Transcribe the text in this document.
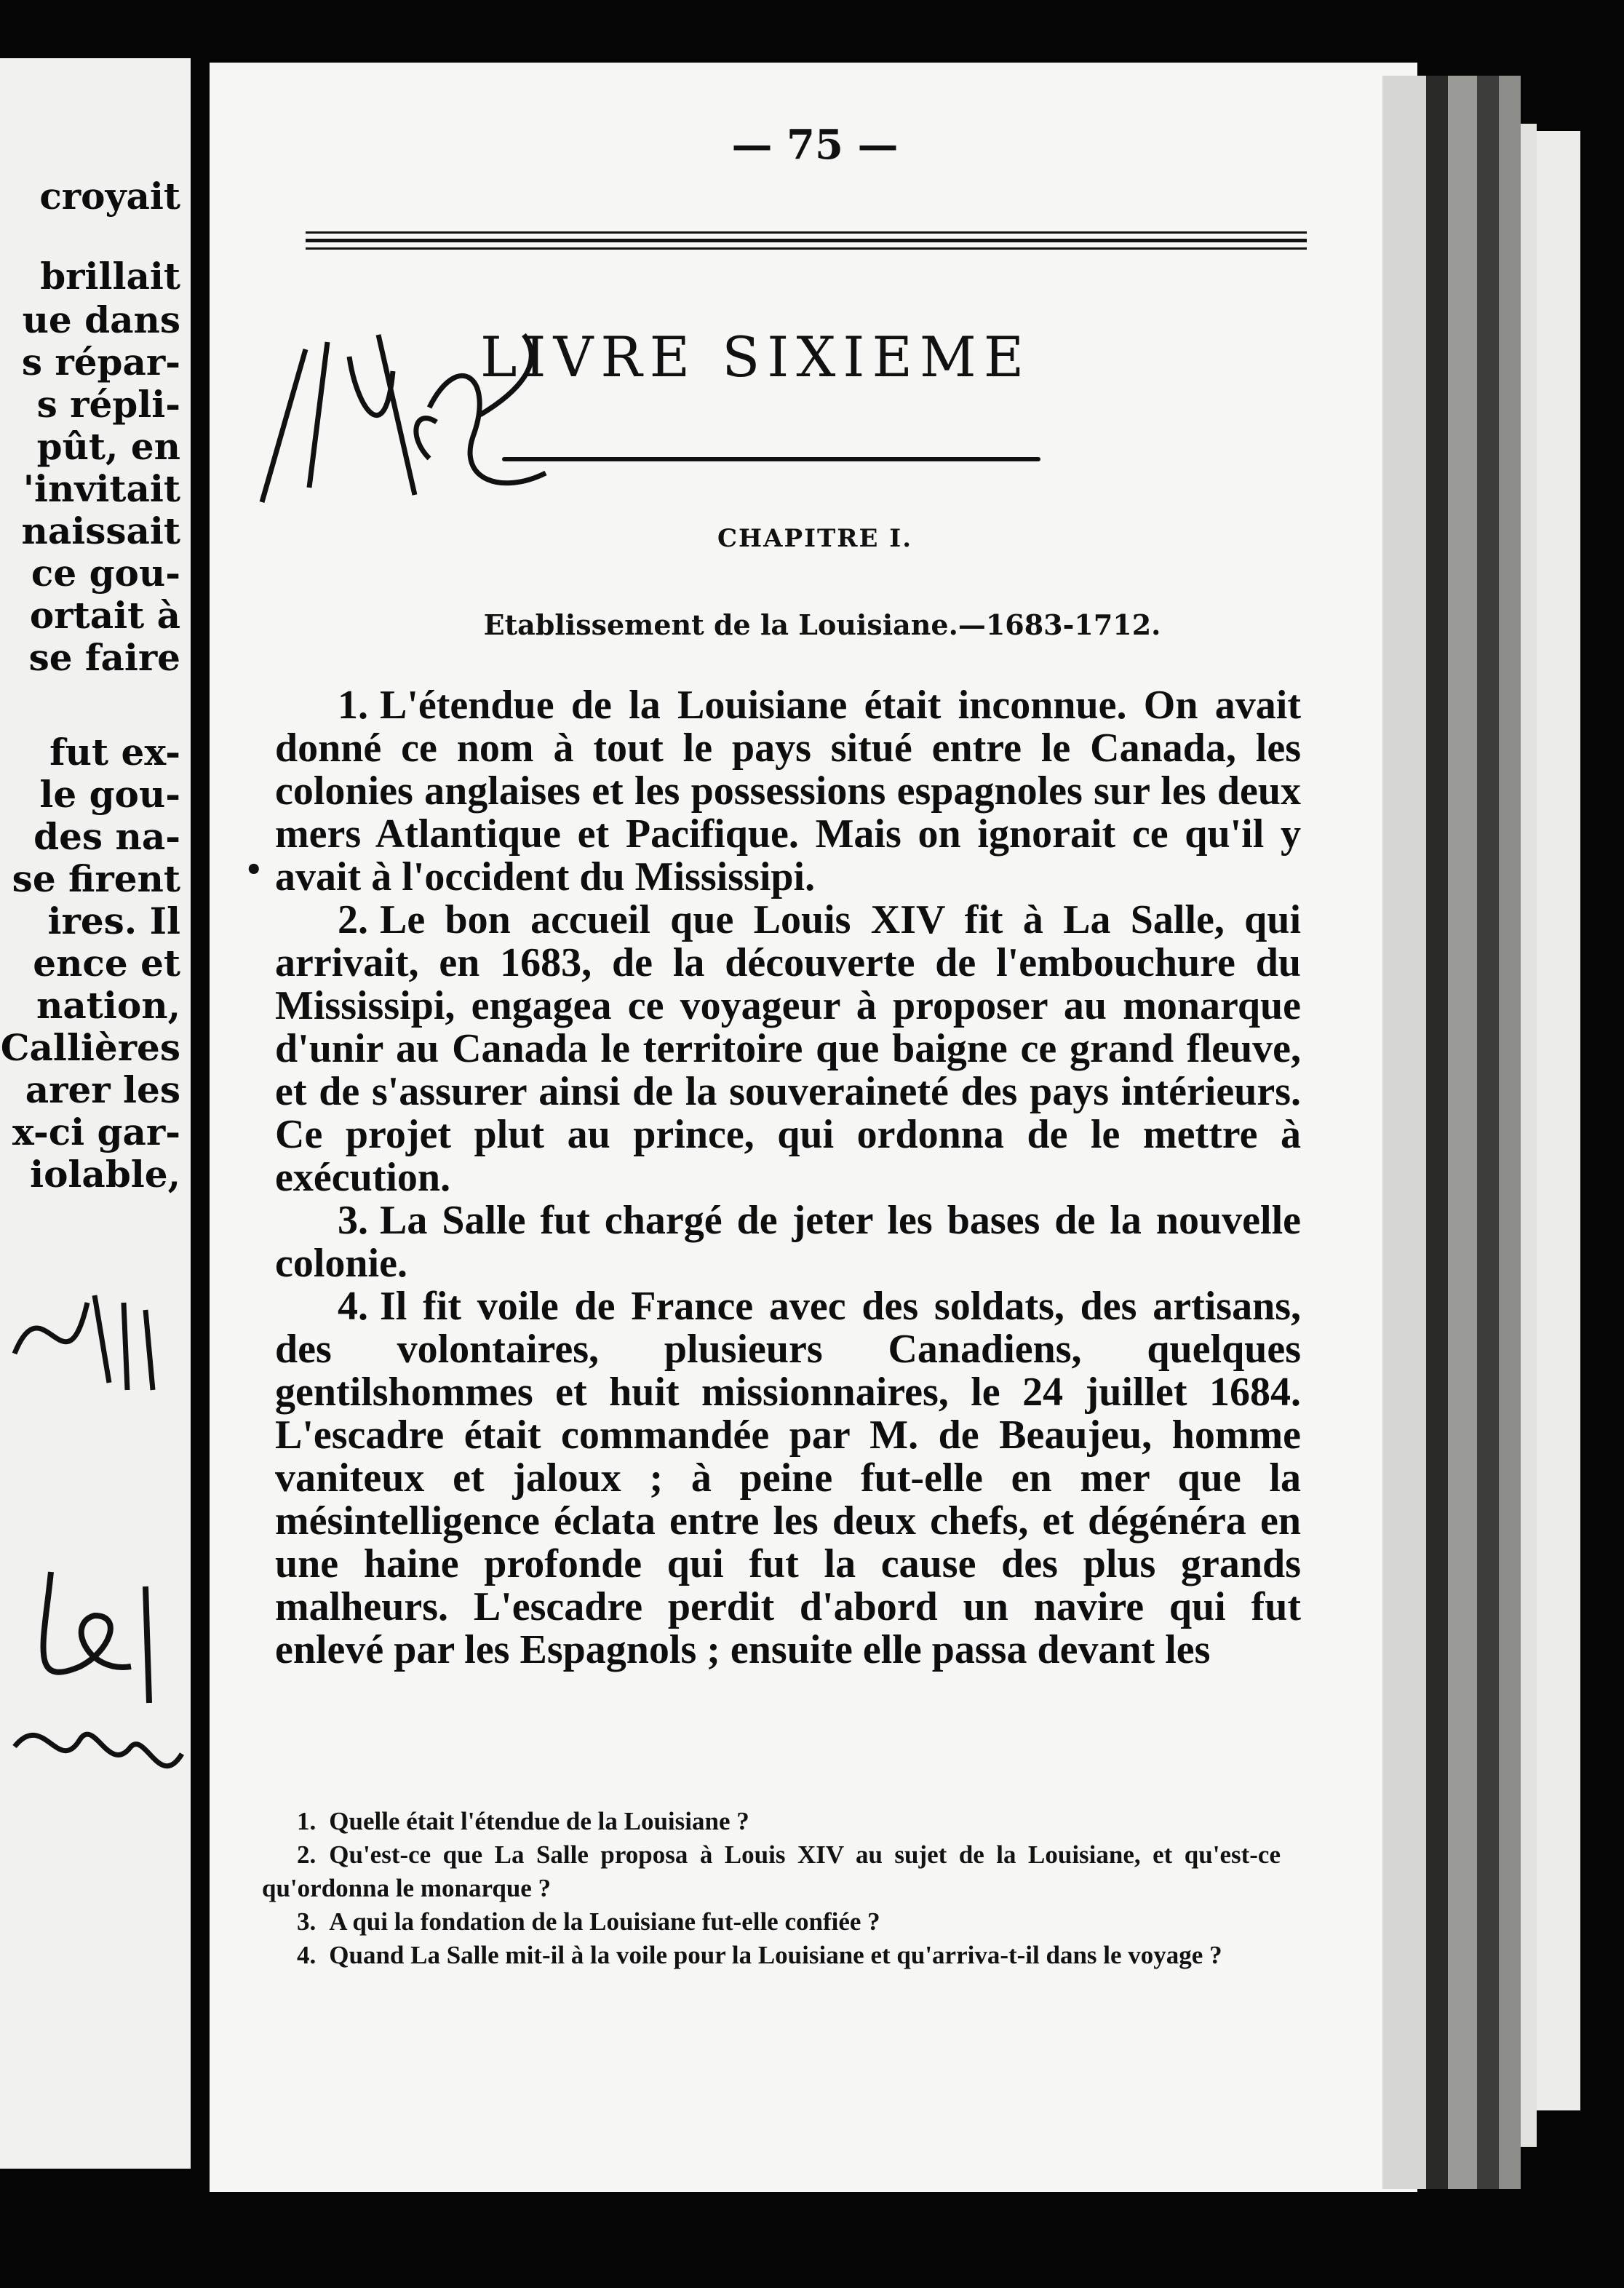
croyait
brillait
ue dans
s répar-
s répli-
pût, en
'invitait
naissait
ce gou-
ortait à
se faire
fut ex-
le gou-
des na-
se firent
ires. Il
ence et
nation,
Callières
arer les
x-ci gar-
iolable,
— 75 —
LIVRE SIXIEME
CHAPITRE I.
Etablissement de la Louisiane.—1683-1712.
•

1. L'étendue de la Louisiane était inconnue. On avait donné ce nom à tout le pays situé entre le Canada, les colonies anglaises et les possessions espagnoles sur les deux mers Atlantique et Pacifique. Mais on ignorait ce qu'il y avait à l'occident du Mississipi.

2. Le bon accueil que Louis XIV fit à La Salle, qui arrivait, en 1683, de la découverte de l'embouchure du Mississipi, engagea ce voyageur à proposer au monarque d'unir au Canada le territoire que baigne ce grand fleuve, et de s'assurer ainsi de la souveraineté des pays intérieurs. Ce projet plut au prince, qui ordonna de le mettre à exécution.

3. La Salle fut chargé de jeter les bases de la nouvelle colonie.

4. Il fit voile de France avec des soldats, des artisans, des volontaires, plusieurs Canadiens, quelques gentilshommes et huit missionnaires, le 24 juillet 1684. L'escadre était commandée par M. de Beaujeu, homme vaniteux et jaloux ; à peine fut-elle en mer que la mésintelligence éclata entre les deux chefs, et dégénéra en une haine profonde qui fut la cause des plus grands malheurs. L'escadre perdit d'abord un navire qui fut enlevé par les Espagnols ; ensuite elle passa devant les

1. Quelle était l'étendue de la Louisiane ?

2. Qu'est-ce que La Salle proposa à Louis XIV au sujet de la Louisiane, et qu'est-ce qu'ordonna le monarque ?

3. A qui la fondation de la Louisiane fut-elle confiée ?

4. Quand La Salle mit-il à la voile pour la Louisiane et qu'arriva-t-il dans le voyage ?
